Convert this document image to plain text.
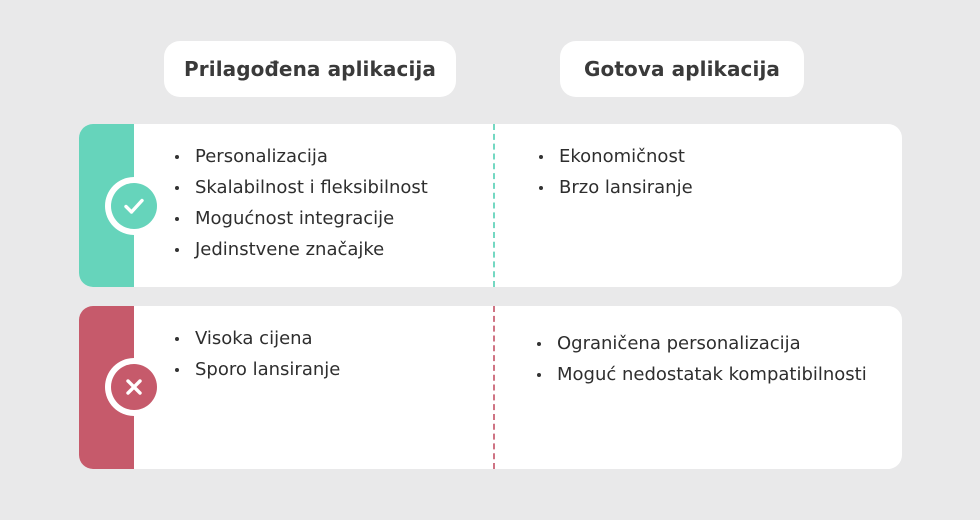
Prilagođena aplikacija	Gotova aplikacija
Personalizacija
Skalabilnost i fleksibilnost
Mogućnost integracije
Jedinstvene značajke
Ekonomičnost
Brzo lansiranje
Visoka cijena
Sporo lansiranje
Ograničena personalizacija
Moguć nedostatak kompatibilnosti
